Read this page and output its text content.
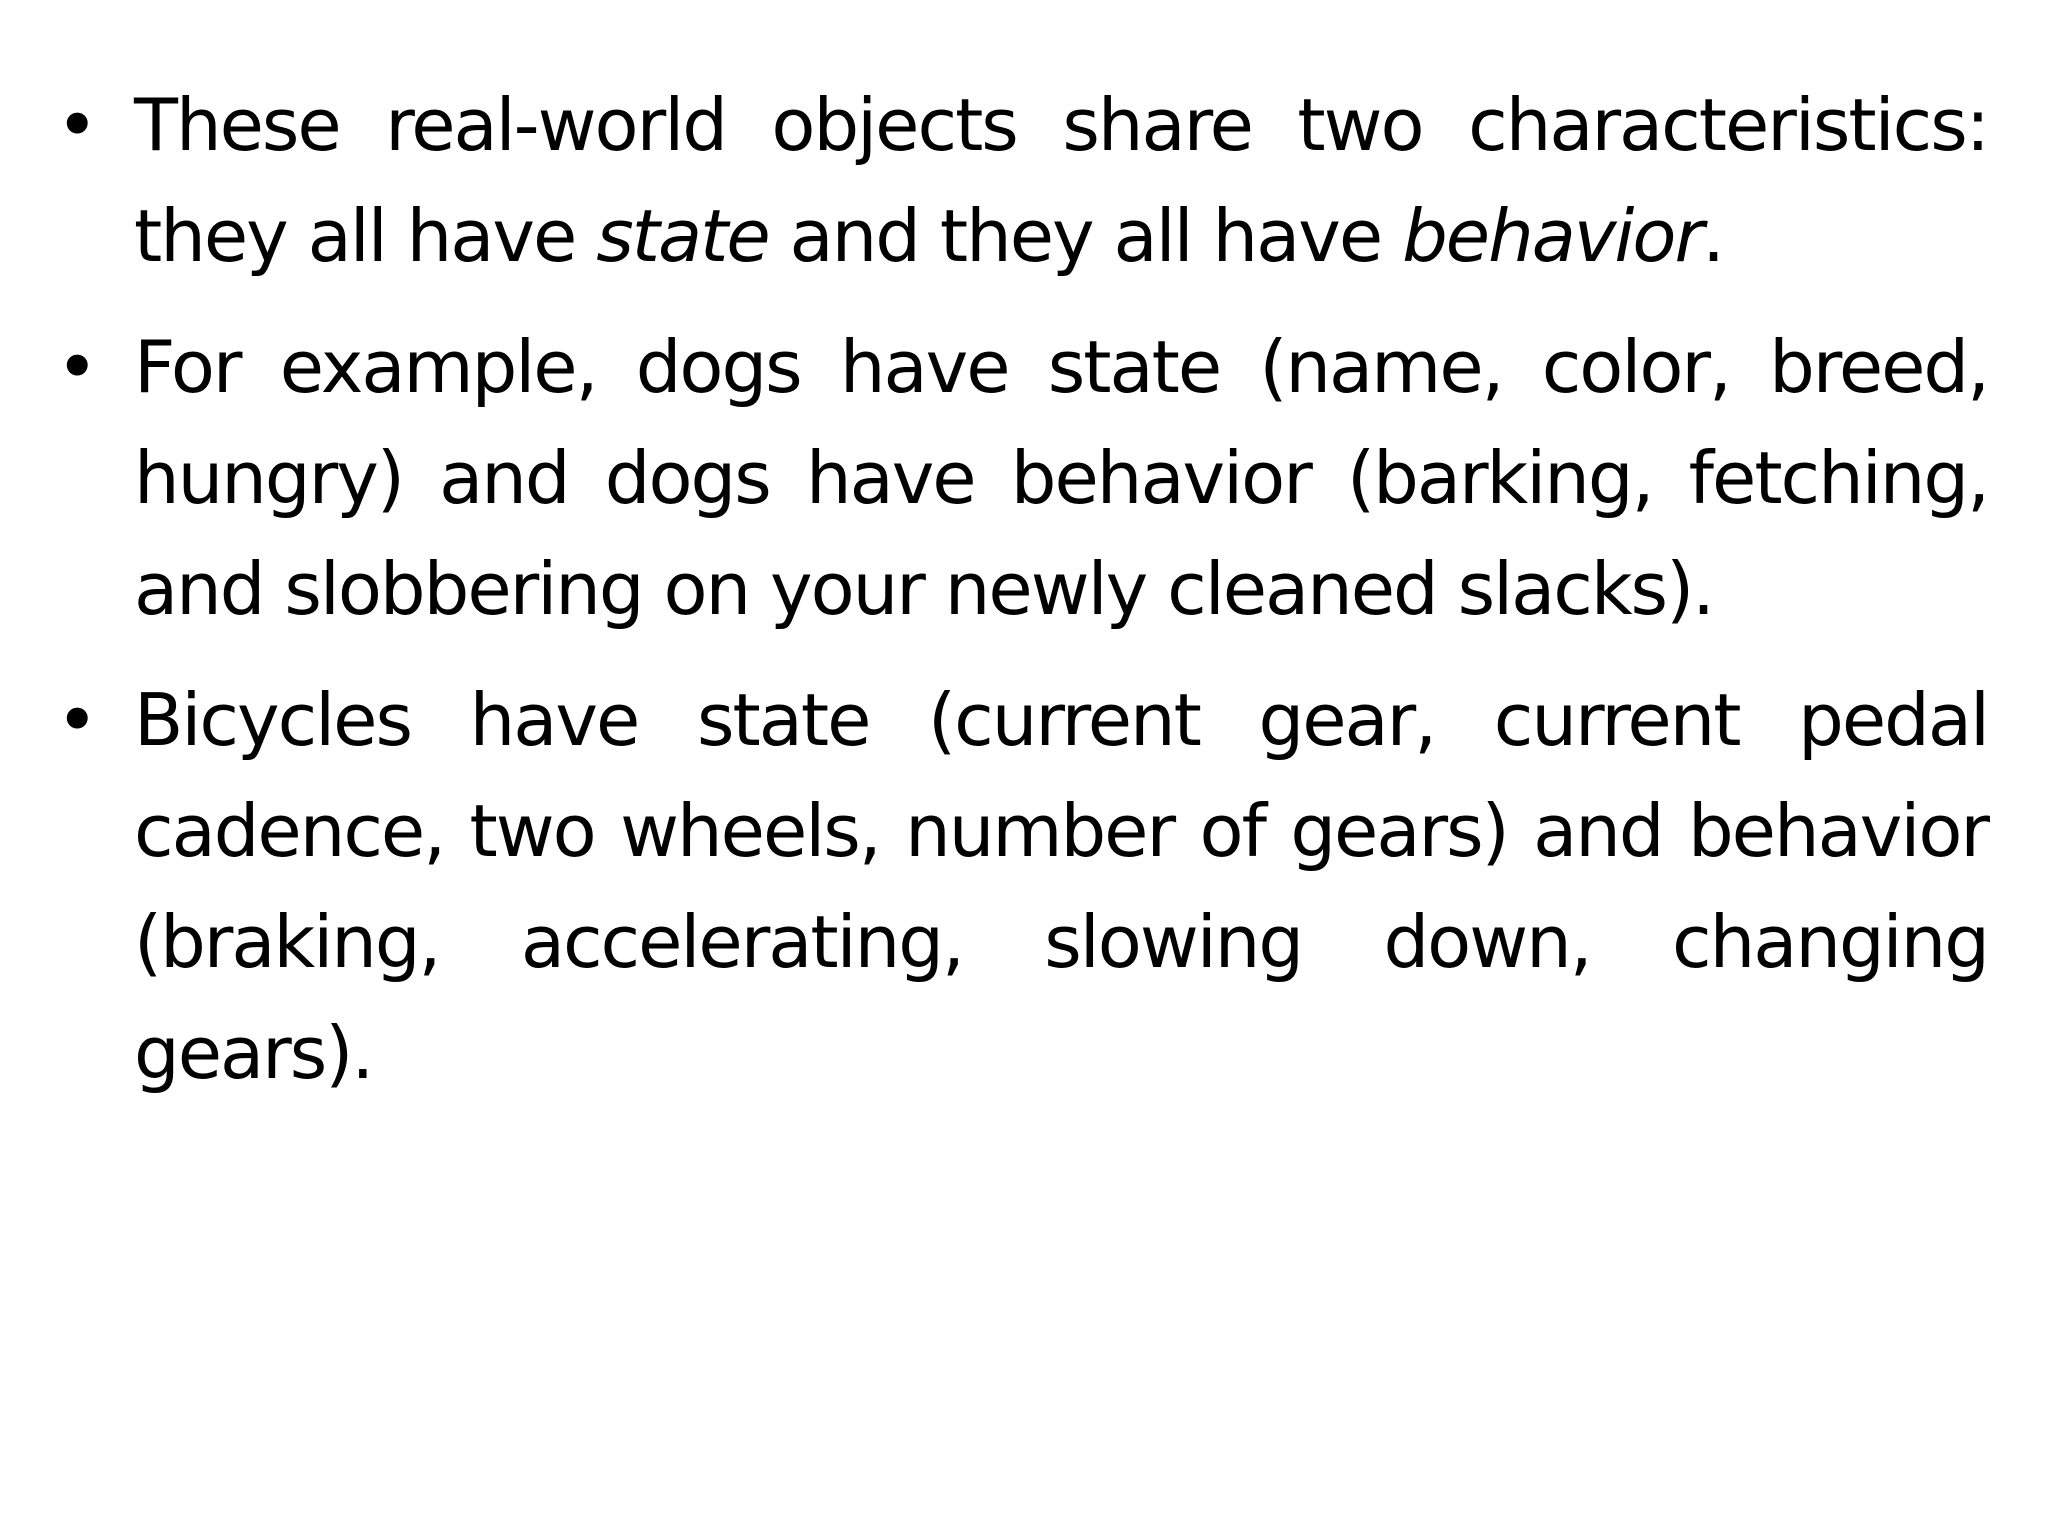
• These real-world objects share two characteristics: they all have state and they all have behavior.
• For example, dogs have state (name, color, breed, hungry) and dogs have behavior (barking, fetching, and slobbering on your newly cleaned slacks).
• Bicycles have state (current gear, current pedal cadence, two wheels, number of gears) and behavior (braking, accelerating, slowing down, changing gears).
